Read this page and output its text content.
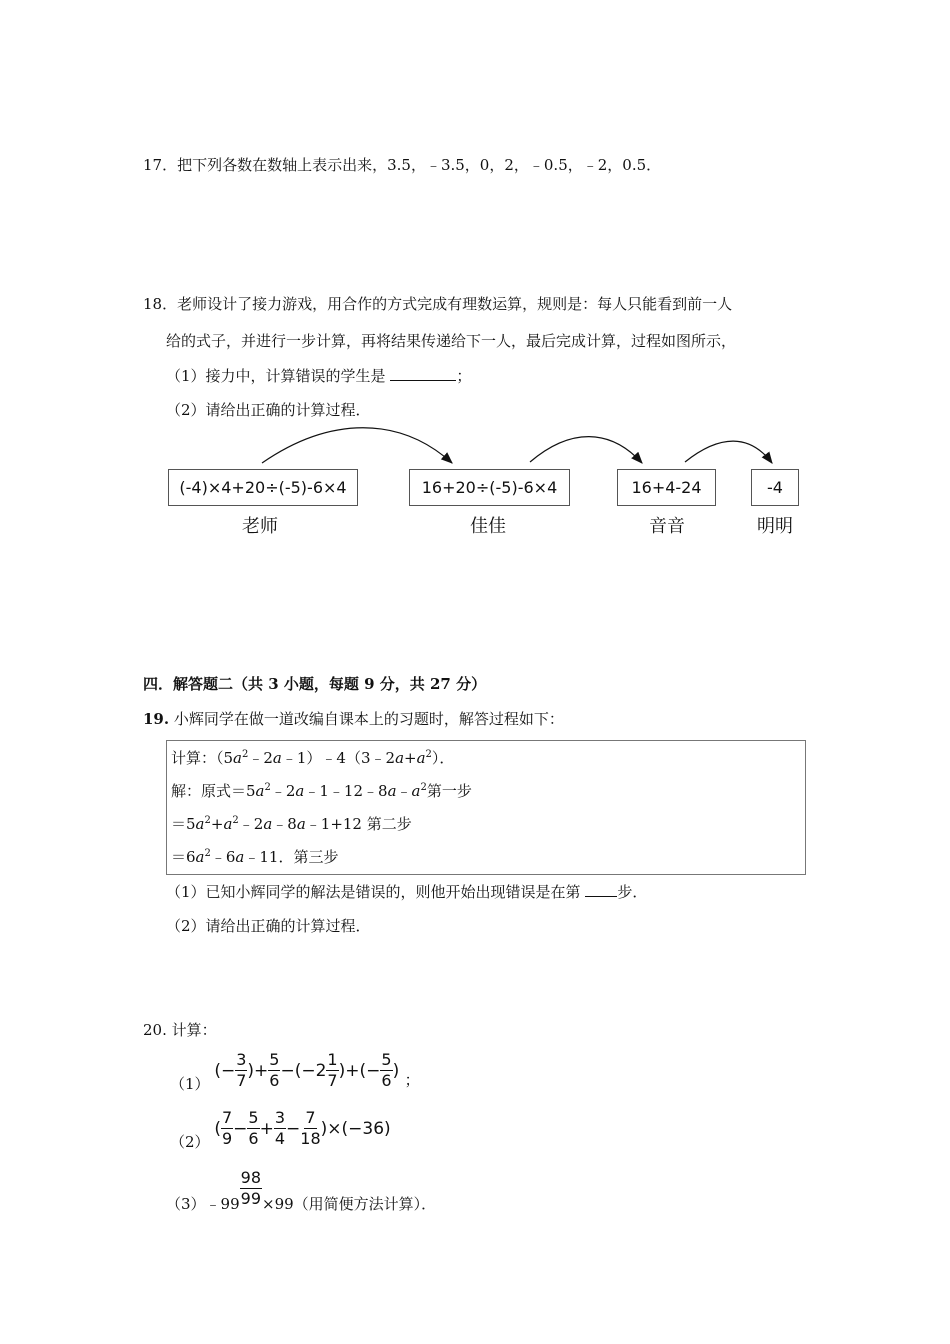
17．把下列各数在数轴上表示出来，3.5，﹣3.5，0，2，﹣0.5，﹣2，0.5．
18．老师设计了接力游戏，用合作的方式完成有理数运算，规则是：每人只能看到前一人
给的式子，并进行一步计算，再将结果传递给下一人，最后完成计算，过程如图所示，
（1）接力中，计算错误的学生是	；
（2）请给出正确的计算过程．
(-4)×4+20÷(-5)-6×4	16+20÷(-5)-6×4	16+4-24	-4
老师	佳佳	音音	明明
四．解答题二（共 3 小题，每题 9 分，共 27 分）
19. 小辉同学在做一道改编自课本上的习题时，解答过程如下：
计算：$(5a^2﹣2a﹣1)﹣4(3﹣2a+a^2)$．
解：原式$=5a^2﹣2a﹣1﹣12﹣8a﹣a^2$第一步
$=5a^2+a^2﹣2a﹣8a﹣1+12$ 第二步
$=6a^2﹣6a﹣11$．第三步
（1）已知小辉同学的解法是错误的，则他开始出现错误是在第 步．
（2）请给出正确的计算过程．
20. 计算：
（1） (− $\frac{3}{7}$ )+ $\frac{5}{6} -(-2 \frac{1}{7}$ )+(− $\frac{5}{6}$ ) ；
（2） ( $\frac{7}{9} - \frac{5}{6} + \frac{3}{4} - \frac{7}{18} )\times(-36)$
（3）﹣99 $\frac{98}{99} \times 99$（用简便方法计算）．
